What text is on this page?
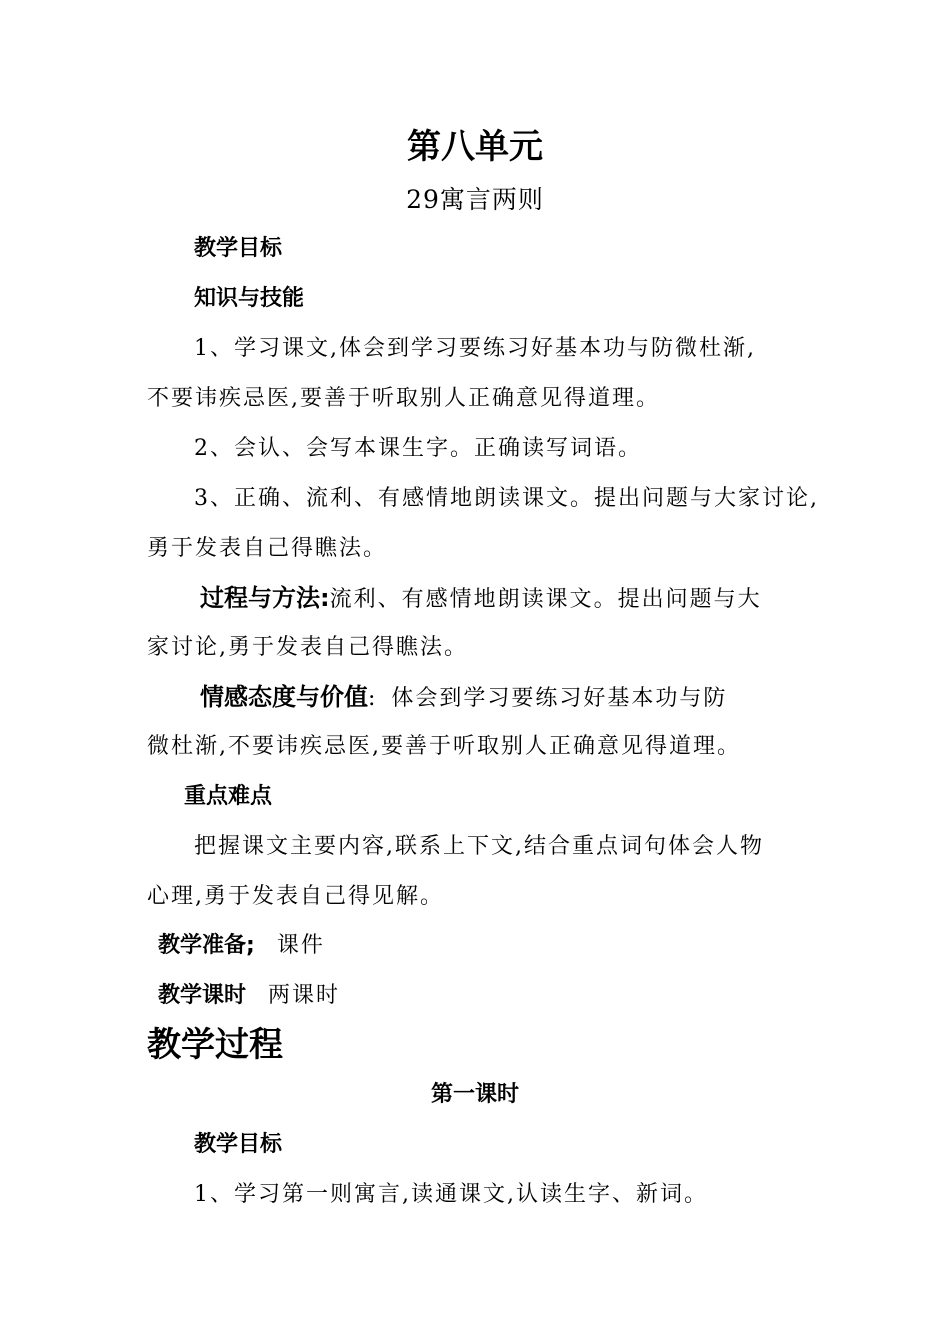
第八单元
29寓言两则
教学目标
知识与技能
1、学习课文,体会到学习要练习好基本功与防微杜渐,
不要讳疾忌医,要善于听取别人正确意见得道理。
2、会认、会写本课生字。正确读写词语。
3、正确、流利、有感情地朗读课文。提出问题与大家讨论,
勇于发表自己得瞧法。
过程与方法:流利、有感情地朗读课文。提出问题与大
家讨论,勇于发表自己得瞧法。
情感态度与价值: 体会到学习要练习好基本功与防
微杜渐,不要讳疾忌医,要善于听取别人正确意见得道理。
重点难点
把握课文主要内容,联系上下文,结合重点词句体会人物
心理,勇于发表自己得见解。
教学准备; 课件
教学课时 两课时
教学过程
第一课时
教学目标
1、学习第一则寓言,读通课文,认读生字、新词。
